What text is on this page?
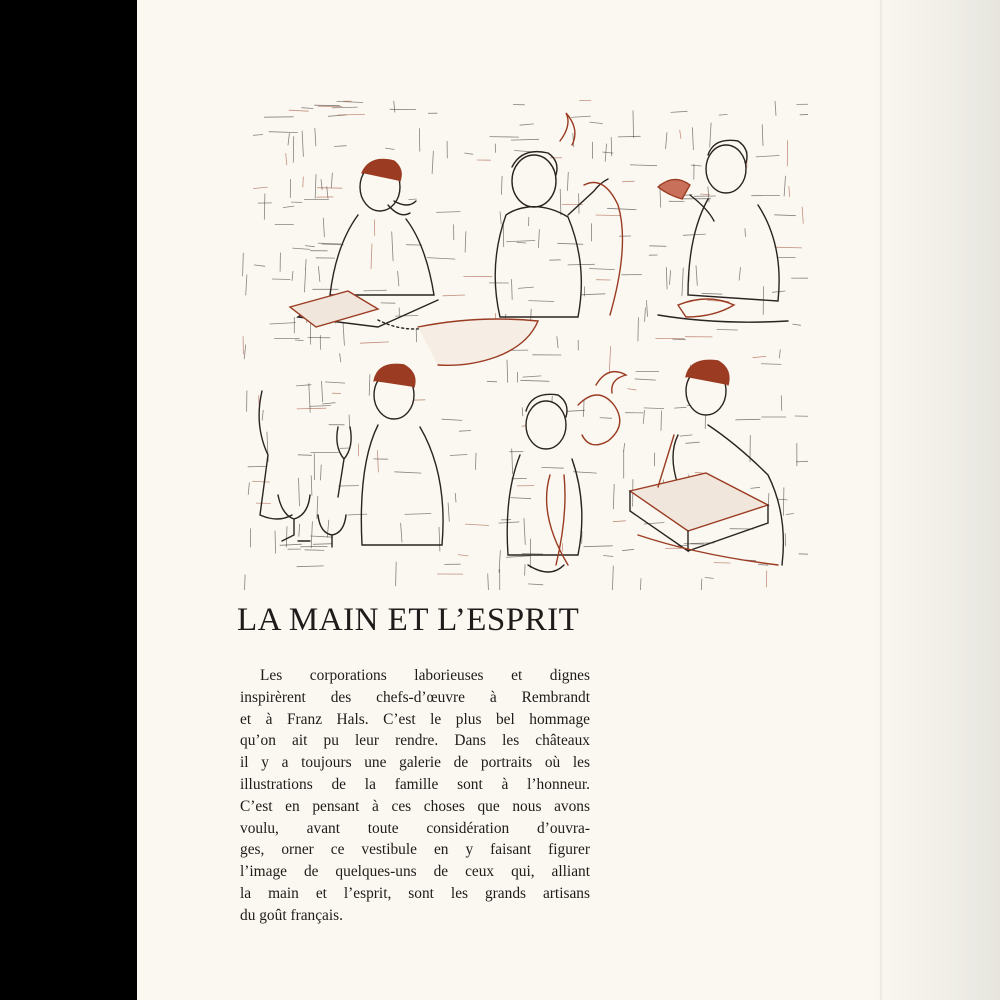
LA MAIN ET L’ESPRIT
Les corporations laborieuses et dignes
inspirèrent des chefs-d’œuvre à Rembrandt
et à Franz Hals. C’est le plus bel hommage
qu’on ait pu leur rendre. Dans les châteaux
il y a toujours une galerie de portraits où les
illustrations de la famille sont à l’honneur.
C’est en pensant à ces choses que nous avons
voulu, avant toute considération d’ouvra-
ges, orner ce vestibule en y faisant figurer
l’image de quelques-uns de ceux qui, alliant
la main et l’esprit, sont les grands artisans
du goût français.
